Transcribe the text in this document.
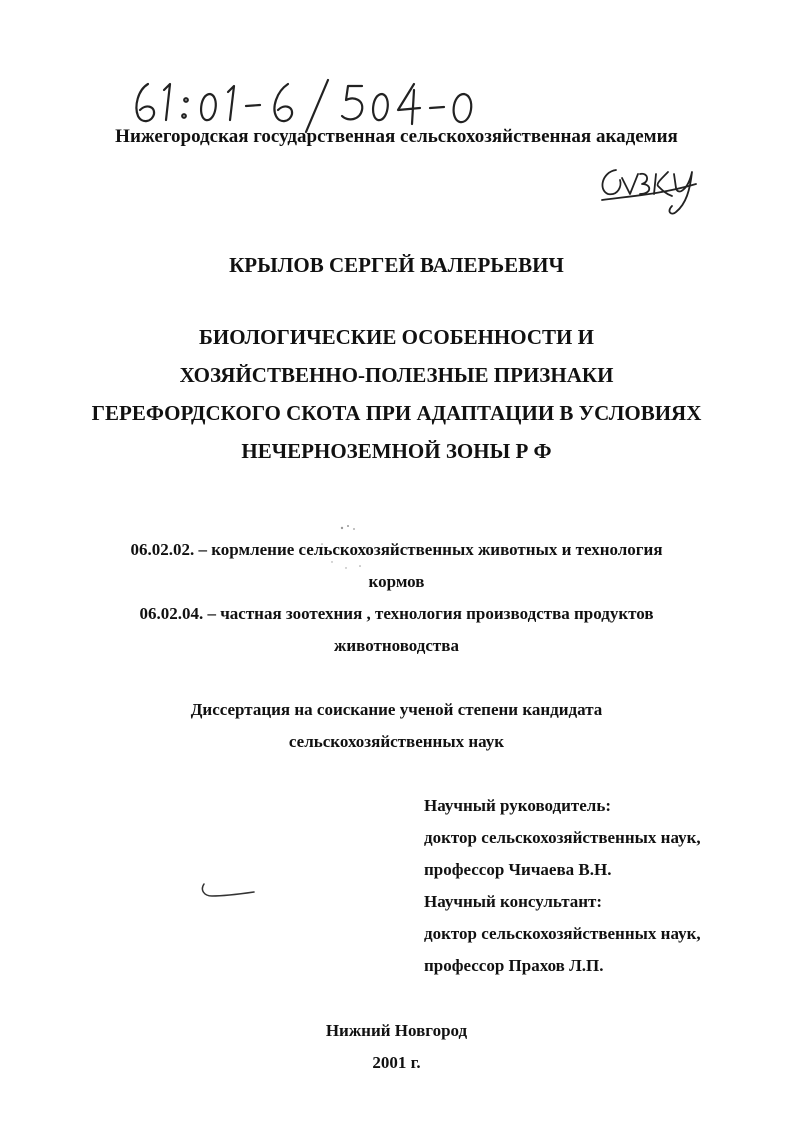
Нижегородская государственная сельскохозяйственная академия
КРЫЛОВ СЕРГЕЙ ВАЛЕРЬЕВИЧ
БИОЛОГИЧЕСКИЕ ОСОБЕННОСТИ И
ХОЗЯЙСТВЕННО-ПОЛЕЗНЫЕ ПРИЗНАКИ
ГЕРЕФОРДСКОГО СКОТА ПРИ АДАПТАЦИИ В УСЛОВИЯХ
НЕЧЕРНОЗЕМНОЙ ЗОНЫ Р Ф
06.02.02. – кормление сельскохозяйственных животных и технология
кормов
06.02.04. – частная зоотехния , технология производства продуктов
животноводства
Диссертация на соискание ученой степени кандидата
сельскохозяйственных наук
Научный руководитель:
доктор сельскохозяйственных наук,
профессор Чичаева В.Н.
Научный консультант:
доктор сельскохозяйственных наук,
профессор Прахов Л.П.
Нижний Новгород
2001 г.
